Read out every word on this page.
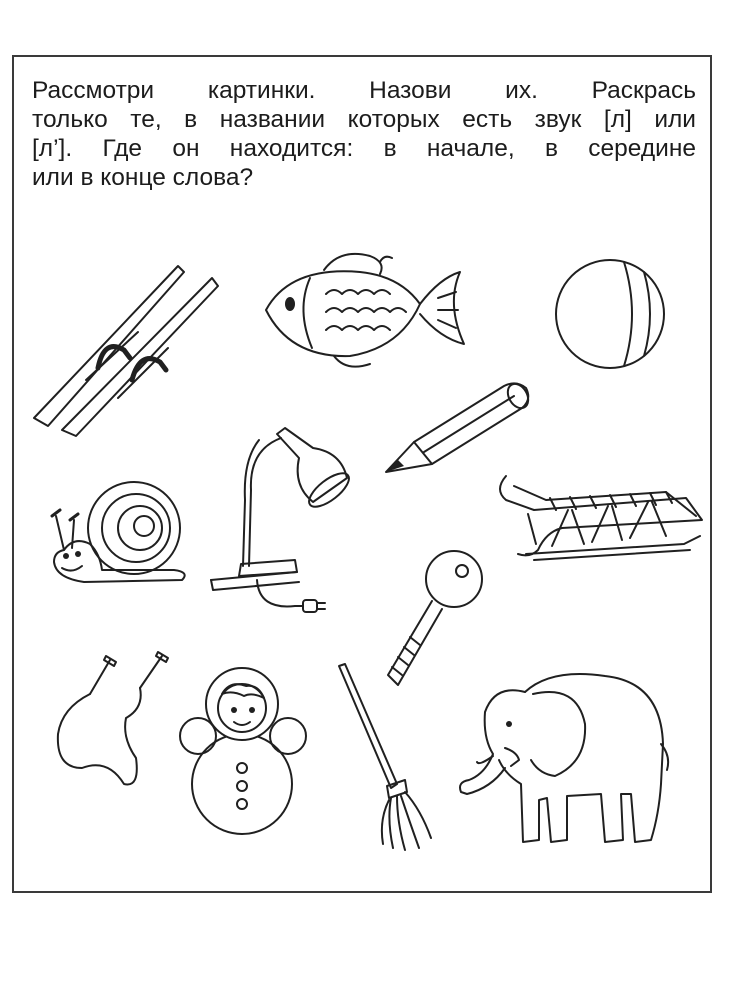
Рассмотри картинки. Назови их. Раскрась
только те, в названии которых есть звук [л] или
[л’]. Где он находится: в начале, в середине
или в конце слова?
